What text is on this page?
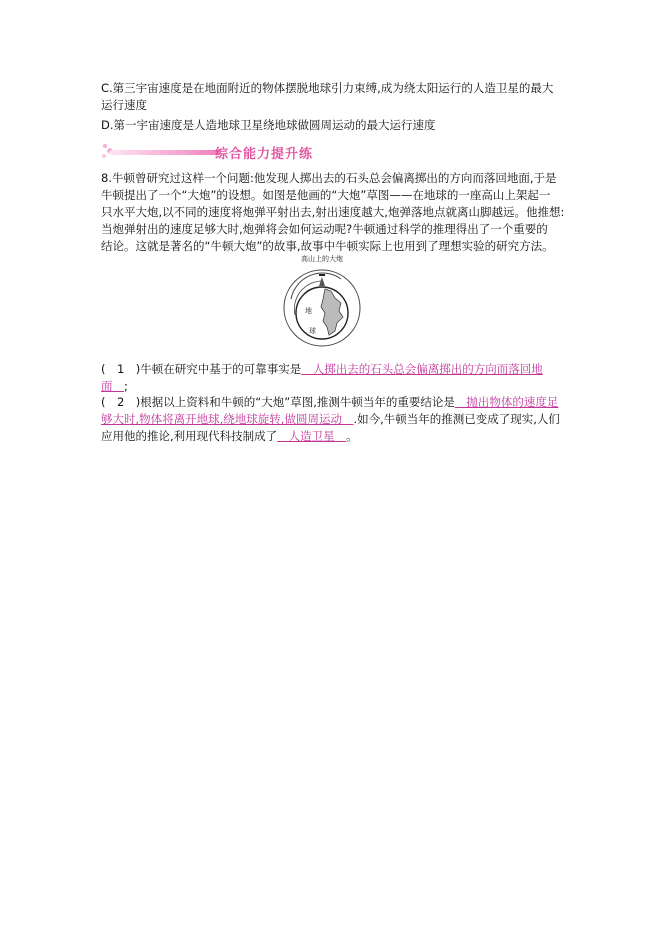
C.第三宇宙速度是在地面附近的物体摆脱地球引力束缚,成为绕太阳运行的人造卫星的最大
运行速度
D.第一宇宙速度是人造地球卫星绕地球做圆周运动的最大运行速度
综合能力提升练
8.牛顿曾研究过这样一个问题:他发现人掷出去的石头总会偏离掷出的方向而落回地面,于是
牛顿提出了一个“大炮”的设想。如图是他画的“大炮”草图——在地球的一座高山上架起一
只水平大炮,以不同的速度将炮弹平射出去,射出速度越大,炮弹落地点就离山脚越远。他推想:
当炮弹射出的速度足够大时,炮弹将会如何运动呢?牛顿通过科学的推理得出了一个重要的
结论。这就是著名的“牛顿大炮”的故事,故事中牛顿实际上也用到了理想实验的研究方法。
高山上的大炮
地
球
(　1　)牛顿在研究中基于的可靠事实是　人掷出去的石头总会偏离掷出的方向而落回地
面　;
(　2　)根据以上资料和牛顿的“大炮”草图,推测牛顿当年的重要结论是　抛出物体的速度足
够大时,物体将离开地球,绕地球旋转,做圆周运动　.如今,牛顿当年的推测已变成了现实,人们
应用他的推论,利用现代科技制成了　人造卫星　。
